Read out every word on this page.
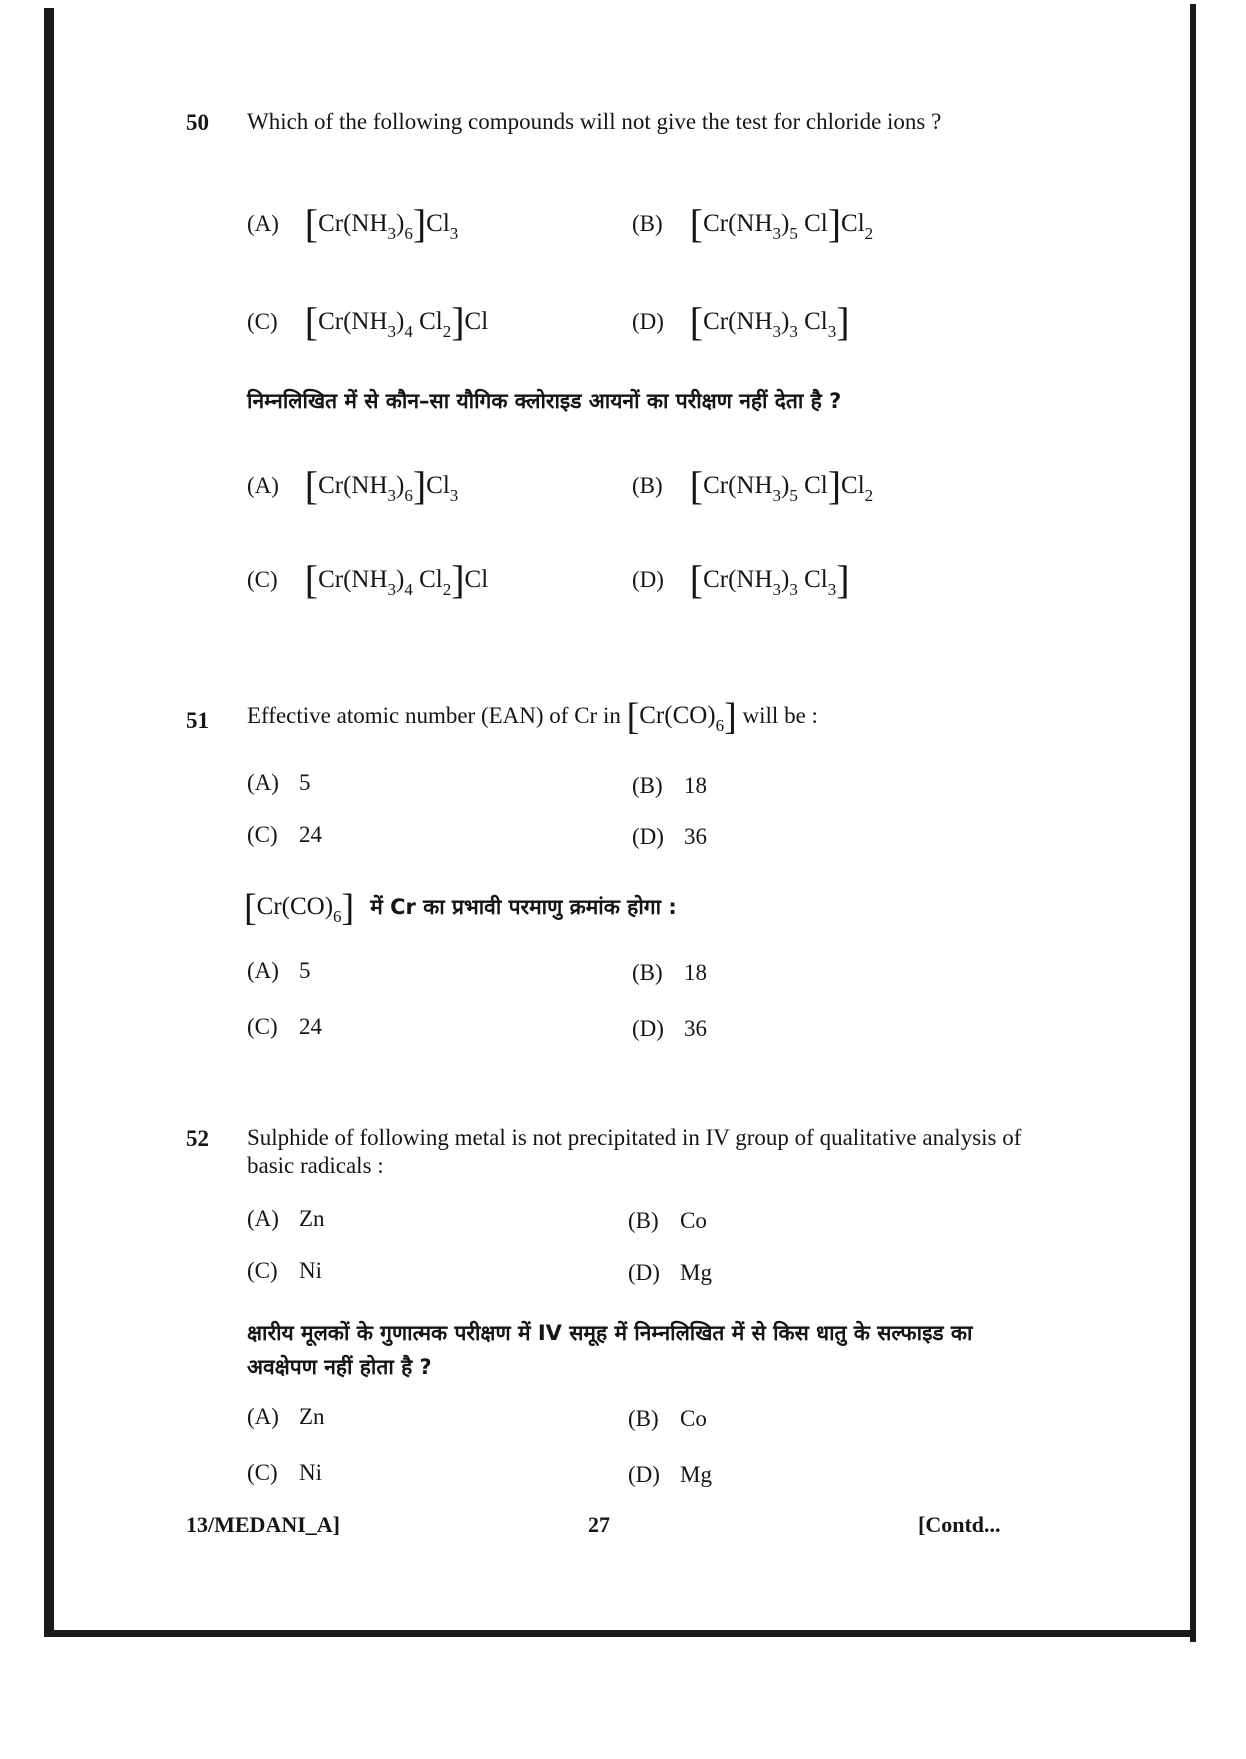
50 Which of the following compounds will not give the test for chloride ions ?
(A) $[Cr(NH_3)_6]Cl_3$	(B) [$Cr(NH_3)_5$ $Cl]Cl_2$
(C) [$Cr(NH_3)_4$ $Cl_2]Cl$	(D) [$Cr(NH_3)_3$ $Cl_3$]
निम्नलिखित में से कौन–सा यौगिक क्लोराइड आयनों का परीक्षण नहीं देता है ?
(A) $[Cr(NH_3)_6]Cl_3$	(B) [$Cr(NH_3)_5$ $Cl]Cl_2$
(C) [$Cr(NH_3)_4$ $Cl_2]Cl$	(D) [$Cr(NH_3)_3$ $Cl_3$]
51 Effective atomic number (EAN) of Cr in $[Cr(CO)_6]$ will be :
(A) 5	(B) 18
(C) 24	(D) 36
$[Cr(CO)_6]$ में Cr का प्रभावी परमाणु क्रमांक होगा :
(A) 5	(B) 18
(C) 24	(D) 36
52 Sulphide of following metal is not precipitated in IV group of qualitative analysis of basic radicals :
(A) Zn	(B) Co
(C) Ni	(D) Mg
क्षारीय मूलकों के गुणात्मक परीक्षण में IV समूह में निम्नलिखित में से किस धातु के सल्फाइड का अवक्षेपण नहीं होता है ?
(A) Zn	(B) Co
(C) Ni	(D) Mg
13/MEDANI_A]	27	[Contd...
